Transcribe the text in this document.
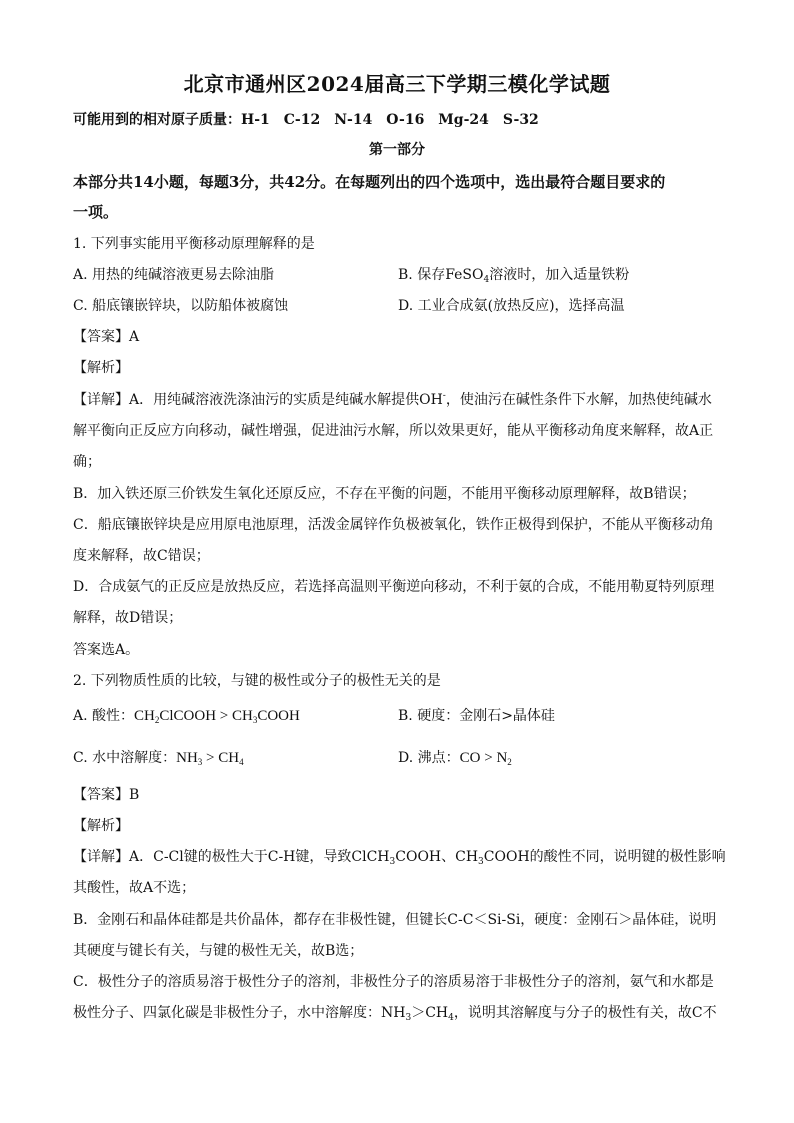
北京市通州区2024届高三下学期三模化学试题
可能用到的相对原子质量：H-1　C-12　N-14　O-16　Mg-24　S-32
第一部分
本部分共14小题，每题3分，共42分。在每题列出的四个选项中，选出最符合题目要求的
一项。
1. 下列事实能用平衡移动原理解释的是
A. 用热的纯碱溶液更易去除油脂	B. 保存FeSO$_4$溶液时，加入适量铁粉
C. 船底镶嵌锌块，以防船体被腐蚀	D. 工业合成氨(放热反应)，选择高温
【答案】A
【解析】
【详解】A．用纯碱溶液洗涤油污的实质是纯碱水解提供OH-，使油污在碱性条件下水解，加热使纯碱水
解平衡向正反应方向移动，碱性增强，促进油污水解，所以效果更好，能从平衡移动角度来解释，故A正
确；
B．加入铁还原三价铁发生氧化还原反应，不存在平衡的问题，不能用平衡移动原理解释，故B错误；
C．船底镶嵌锌块是应用原电池原理，活泼金属锌作负极被氧化，铁作正极得到保护，不能从平衡移动角
度来解释，故C错误；
D．合成氨气的正反应是放热反应，若选择高温则平衡逆向移动，不利于氨的合成，不能用勒夏特列原理
解释，故D错误；
答案选A。
2. 下列物质性质的比较，与键的极性或分子的极性无关的是
A. 酸性：$CH_2ClCOOH$ > $CH_3COOH$	B. 硬度：金刚石>晶体硅
C. 水中溶解度：$NH_3 > CH_4$	D. 沸点：CO > $N_2$
【答案】B
【解析】
【详解】A．C-Cl键的极性大于C-H键，导致ClCH$_3$COOH、$CH_3COOH$的酸性不同，说明键的极性影响
其酸性，故A不选；
B．金刚石和晶体硅都是共价晶体，都存在非极性键，但键长C-C＜Si-Si，硬度：金刚石＞晶体硅，说明
其硬度与键长有关，与键的极性无关，故B选；
C．极性分子的溶质易溶于极性分子的溶剂，非极性分子的溶质易溶于非极性分子的溶剂，氨气和水都是
极性分子、四氯化碳是非极性分子，水中溶解度：$NH_3>CH_4$，说明其溶解度与分子的极性有关，故C不
